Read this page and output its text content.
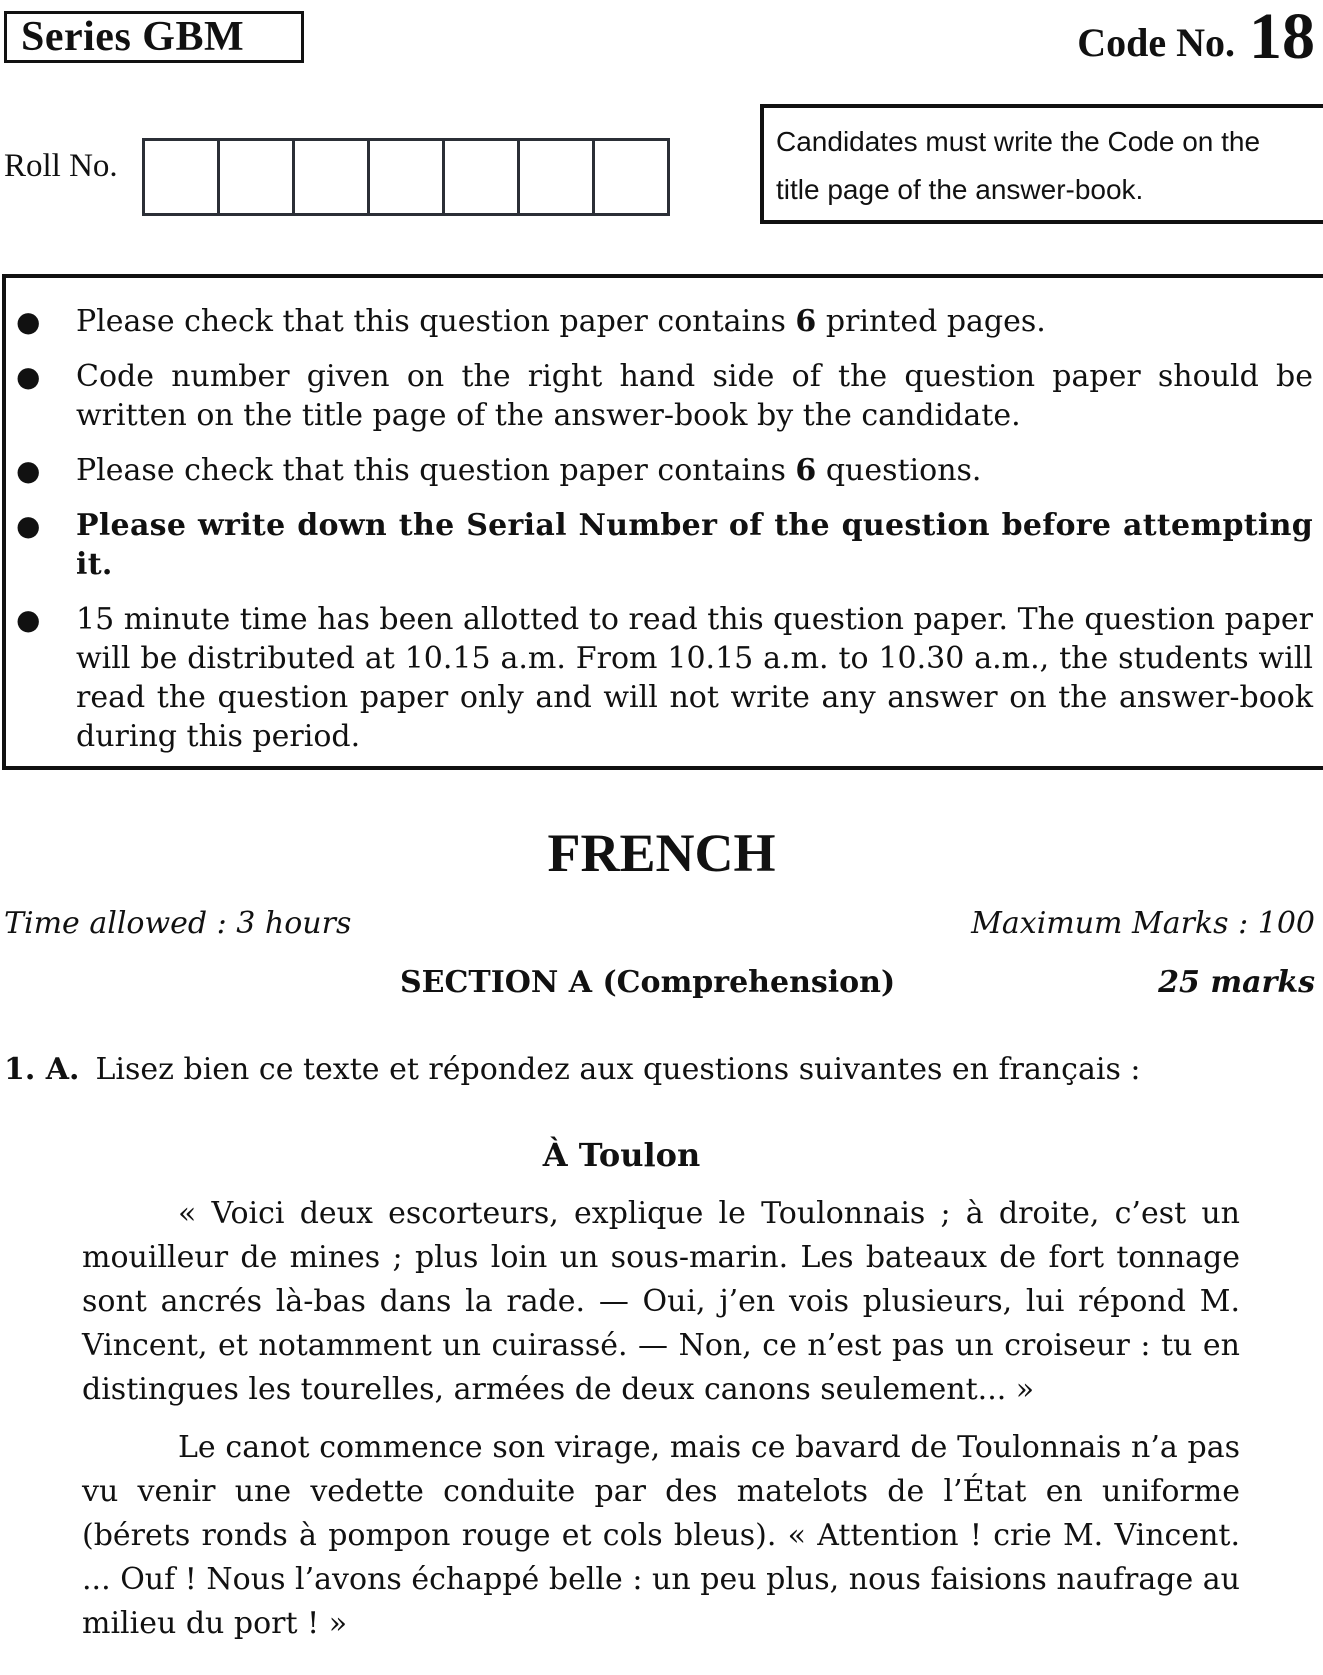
Series GBM	Code No. 18
Roll No.
Candidates must write the Code on the
title page of the answer-book.
● Please check that this question paper contains 6 printed pages.
● Code number given on the right hand side of the question paper should be written on the title page of the answer-book by the candidate.
● Please check that this question paper contains 6 questions.
● Please write down the Serial Number of the question before attempting it.
● 15 minute time has been allotted to read this question paper. The question paper will be distributed at 10.15 a.m. From 10.15 a.m. to 10.30 a.m., the students will read the question paper only and will not write any answer on the answer-book during this period.
FRENCH
Time allowed : 3 hours	Maximum Marks : 100
SECTION A (Comprehension)	25 marks
1. A. Lisez bien ce texte et répondez aux questions suivantes en français :
À Toulon

« Voici deux escorteurs, explique le Toulonnais ; à droite, c’est un mouilleur de mines ; plus loin un sous-marin. Les bateaux de fort tonnage sont ancrés là-bas dans la rade. — Oui, j’en vois plusieurs, lui répond M. Vincent, et notamment un cuirassé. — Non, ce n’est pas un croiseur : tu en distingues les tourelles, armées de deux canons seulement... »

Le canot commence son virage, mais ce bavard de Toulonnais n’a pas vu venir une vedette conduite par des matelots de l’État en uniforme (bérets ronds à pompon rouge et cols bleus). « Attention ! crie M. Vincent. ... Ouf ! Nous l’avons échappé belle : un peu plus, nous faisions naufrage au milieu du port ! »
